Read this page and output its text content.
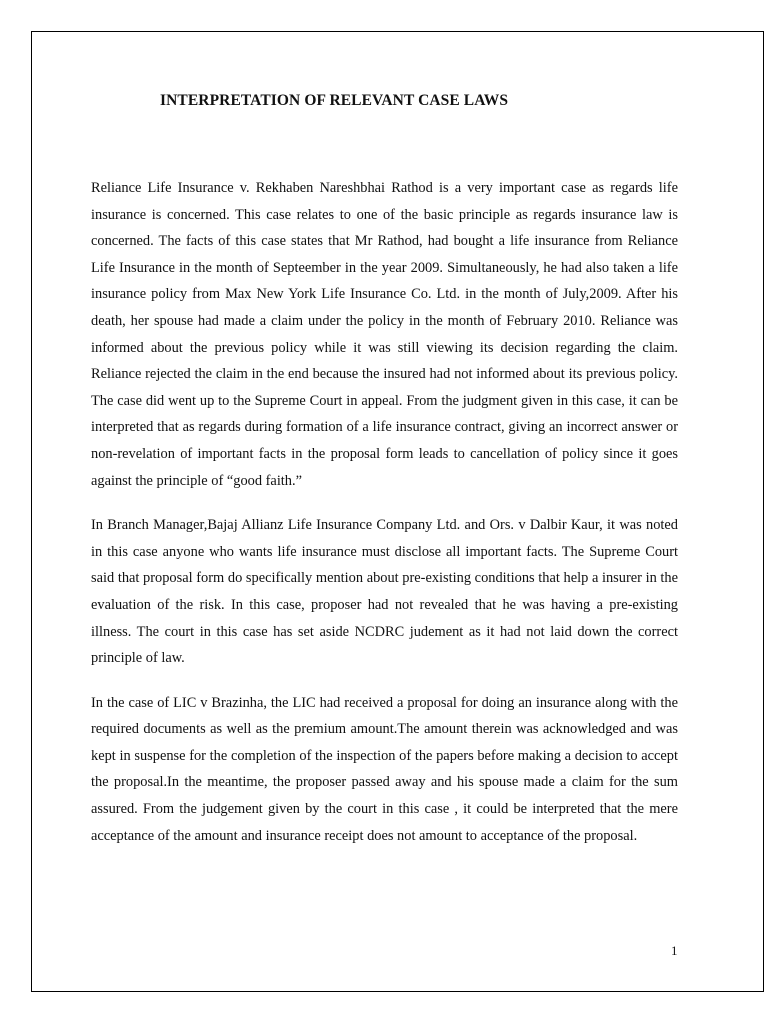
INTERPRETATION OF RELEVANT CASE LAWS

Reliance Life Insurance v. Rekhaben Nareshbhai Rathod is a very important case as regards life insurance is concerned. This case relates to one of the basic principle as regards insurance law is concerned. The facts of this case states that Mr Rathod, had bought a life insurance from Reliance Life Insurance in the month of Septeember in the year 2009. Simultaneously, he had also taken a life insurance policy from Max New York Life Insurance Co. Ltd. in the month of July,2009. After his death, her spouse had made a claim under the policy in the month of February 2010. Reliance was informed about the previous policy while it was still viewing its decision regarding the claim. Reliance rejected the claim in the end because the insured had not informed about its previous policy. The case did went up to the Supreme Court in appeal. From the judgment given in this case, it can be interpreted that as regards during formation of a life insurance contract, giving an incorrect answer or non-revelation of important facts in the proposal form leads to cancellation of policy since it goes against the principle of “good faith.”

In Branch Manager,Bajaj Allianz Life Insurance Company Ltd. and Ors. v Dalbir Kaur, it was noted in this case anyone who wants life insurance must disclose all important facts. The Supreme Court said that proposal form do specifically mention about pre-existing conditions that help a insurer in the evaluation of the risk. In this case, proposer had not revealed that he was having a pre-existing illness. The court in this case has set aside NCDRC judement as it had not laid down the correct principle of law.

In the case of LIC v Brazinha, the LIC had received a proposal for doing an insurance along with the required documents as well as the premium amount.The amount therein was acknowledged and was kept in suspense for the completion of the inspection of the papers before making a decision to accept the proposal.In the meantime, the proposer passed away and his spouse made a claim for the sum assured. From the judgement given by the court in this case , it could be interpreted that the mere acceptance of the amount and insurance receipt does not amount to acceptance of the proposal.

1
